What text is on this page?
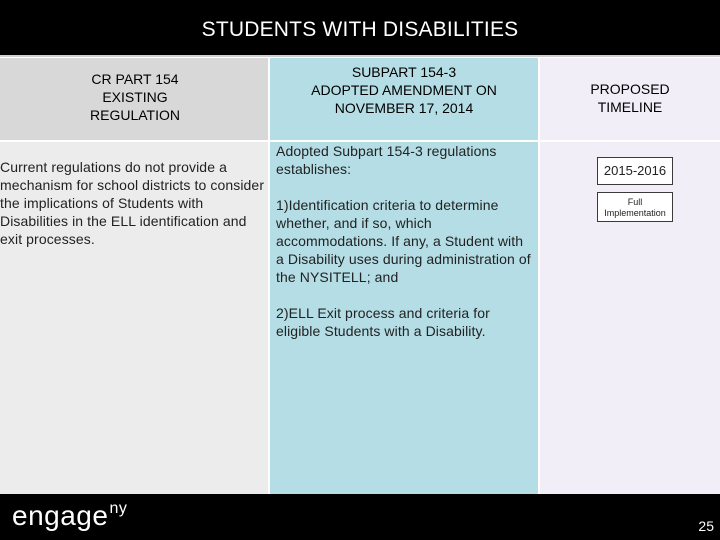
STUDENTS WITH DISABILITIES
CR PART 154
EXISTING
REGULATION
SUBPART 154-3
ADOPTED AMENDMENT ON
NOVEMBER 17, 2014
PROPOSED
TIMELINE

Current regulations do not provide a mechanism for school districts to consider the implications of Students with Disabilities in the ELL identification and exit processes.

Adopted Subpart 154-3 regulations establishes:

1)Identification criteria to determine whether, and if so, which accommodations. If any, a Student with a Disability uses during administration of the NYSITELL; and

2)ELL Exit process and criteria for eligible Students with a Disability.

2015-2016
Full
Implementation
engage$^{ny}$
25
